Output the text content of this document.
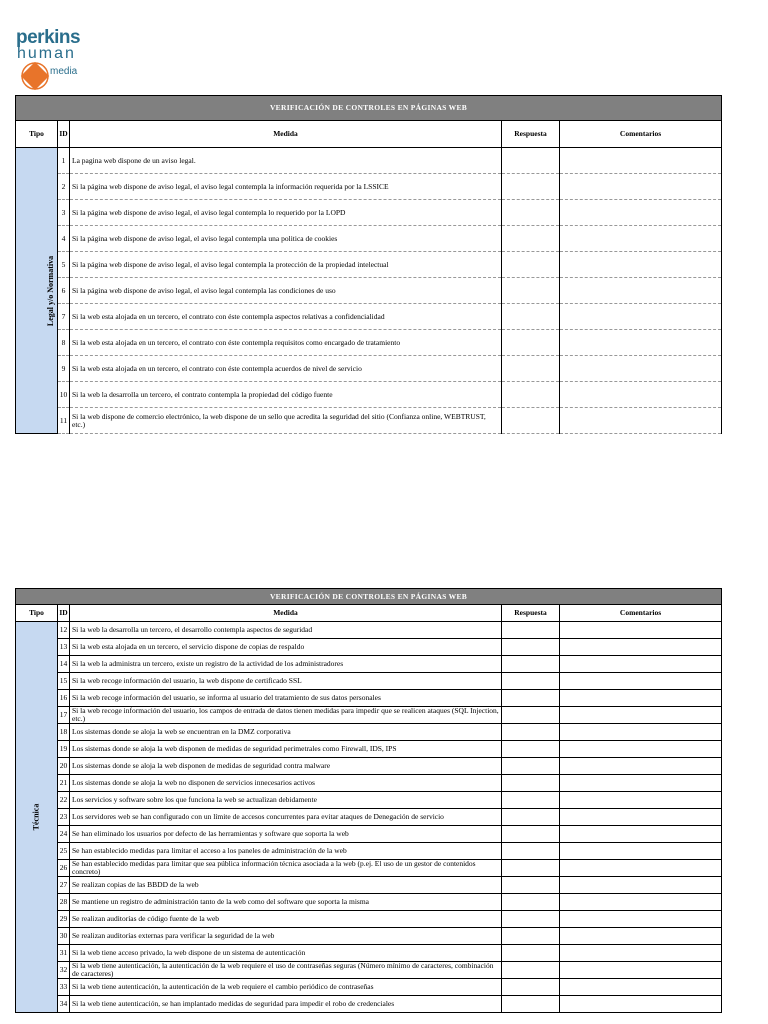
perkins
human
media
VERIFICACIÓN DE CONTROLES EN PÁGINAS WEB				
Tipo	ID	Medida	Respuesta	Comentarios
Legal y/o Normativa	1	La pagina web dispone de un aviso legal.		
	2	Si la página web dispone de aviso legal, el aviso legal contempla la información requerida por la LSSICE		
	3	Si la página web dispone de aviso legal, el aviso legal contempla lo requerido por la LOPD		
	4	Si la página web dispone de aviso legal, el aviso legal contempla una politica de cookies		
	5	Si la página web dispone de aviso legal, el aviso legal contempla la protección de la propiedad intelectual		
	6	Si la página web dispone de aviso legal, el aviso legal contempla las condiciones de uso		
	7	Si la web esta alojada en un tercero, el contrato con éste contempla aspectos relativas a confidencialidad		
	8	Si la web esta alojada en un tercero, el contrato con éste contempla requisitos como encargado de tratamiento		
	9	Si la web esta alojada en un tercero, el contrato con éste contempla acuerdos de nivel de servicio		
	10	Si la web la desarrolla un tercero, el contrato contempla la propiedad del código fuente		
	11	Si la web dispone de comercio electrónico, la web dispone de un sello que acredita la seguridad del sitio (Confianza online, WEBTRUST, etc.)		
VERIFICACIÓN DE CONTROLES EN PÁGINAS WEB				
Tipo	ID	Medida	Respuesta	Comentarios
Técnica	12	Si la web la desarrolla un tercero, el desarrollo contempla aspectos de seguridad		
	13	Si la web esta alojada en un tercero, el servicio dispone de copias de respaldo		
	14	Si la web la administra un tercero, existe un registro de la actividad de los administradores		
	15	Si la web recoge información del usuario, la web dispone de certificado SSL		
	16	Si la web recoge información del usuario, se informa al usuario del tratamiento de sus datos personales		
	17	Si la web recoge información del usuario, los campos de entrada de datos tienen medidas para impedir que se realicen ataques (SQL Injection, etc.)		
	18	Los sistemas donde se aloja la web se encuentran en la DMZ corporativa		
	19	Los sistemas donde se aloja la web disponen de medidas de seguridad perimetrales como Firewall, IDS, IPS		
	20	Los sistemas donde se aloja la web disponen de medidas de seguridad contra malware		
	21	Los sistemas donde se aloja la web no disponen de servicios innecesarios activos		
	22	Los servicios y software sobre los que funciona la web se actualizan debidamente		
	23	Los servidores web se han configurado con un límite de accesos concurrentes para evitar ataques de Denegación de servicio		
	24	Se han eliminado los usuarios por defecto de las herramientas y software que soporta la web		
	25	Se han establecido medidas para limitar el acceso a los paneles de administración de la web		
	26	Se han establecido medidas para limitar que sea pública información técnica asociada a la web (p.ej. El uso de un gestor de contenidos concreto)		
	27	Se realizan copias de las BBDD de la web		
	28	Se mantiene un registro de administración tanto de la web como del software que soporta la misma		
	29	Se realizan auditorías de código fuente de la web		
	30	Se realizan auditorías externas para verificar la seguridad de la web		
	31	Si la web tiene acceso privado, la web dispone de un sistema de autenticación		
	32	Si la web tiene autenticación, la autenticación de la web requiere el uso de contraseñas seguras (Número mínimo de caracteres, combinación de caracteres)		
	33	Si la web tiene autenticación, la autenticación de la web requiere el cambio periódico de contraseñas		
	34	Si la web tiene autenticación, se han implantado medidas de seguridad para impedir el robo de credenciales		
